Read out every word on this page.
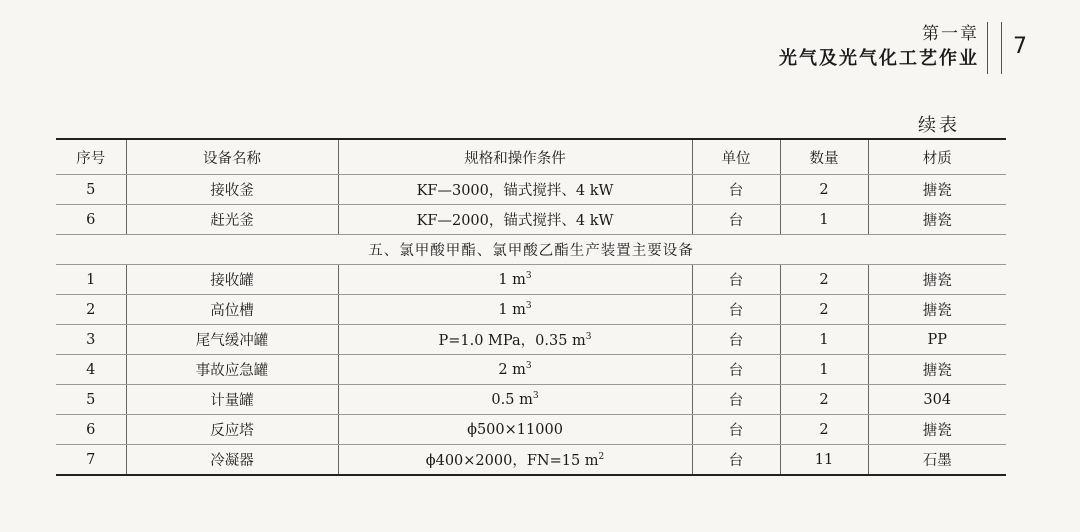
第一章
光气及光气化工艺作业 7
续表
序号	设备名称	规格和操作条件	单位	数量	材质
5	接收釜	KF—3000，锚式搅拌、4 kW	台	2	搪瓷
6	赶光釜	KF—2000，锚式搅拌、4 kW	台	1	搪瓷
五、氯甲酸甲酯、氯甲酸乙酯生产装置主要设备					
1	接收罐	1 $m^3$	台	2	搪瓷
2	高位槽	1 $m^3$	台	2	搪瓷
3	尾气缓冲罐	P=1.0 MPa，0.35 $m^3$	台	1	PP
4	事故应急罐	2 $m^3$	台	1	搪瓷
5	计量罐	0.5 $m^3$	台	2	304
6	反应塔	ϕ500×11000	台	2	搪瓷
7	冷凝器	ϕ400×2000，FN=15 $m^2$	台	11	石墨
